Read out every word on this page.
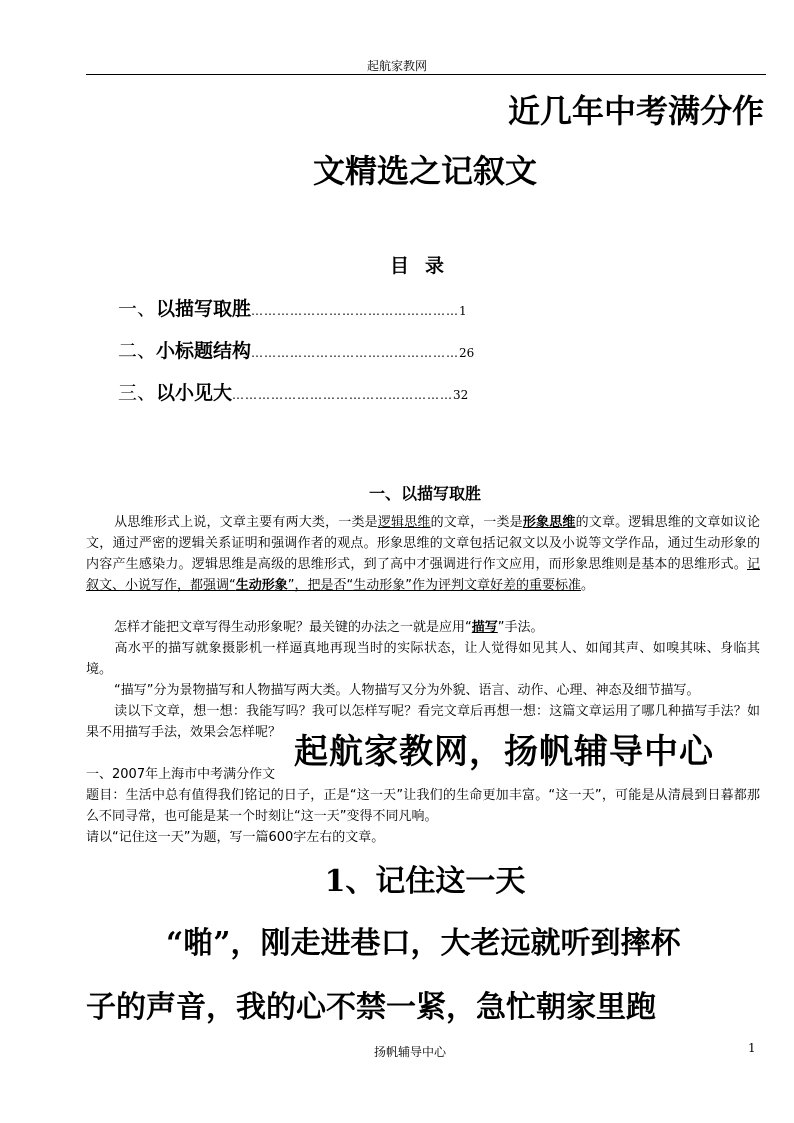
起航家教网
近几年中考满分作
文精选之记叙文
目录
一、以描写取胜…………………………………………1
二、小标题结构…………………………………………26
三、以小见大……………………………………………32
一、以描写取胜
从思维形式上说，文章主要有两大类，一类是逻辑思维的文章，一类是形象思维的文章。逻辑思维的文章如议论文，通过严密的逻辑关系证明和强调作者的观点。形象思维的文章包括记叙文以及小说等文学作品，通过生动形象的内容产生感染力。逻辑思维是高级的思维形式，到了高中才强调进行作文应用，而形象思维则是基本的思维形式。记叙文、小说写作，都强调“生动形象”，把是否“生动形象”作为评判文章好差的重要标准。
怎样才能把文章写得生动形象呢？最关键的办法之一就是应用“描写”手法。
高水平的描写就象摄影机一样逼真地再现当时的实际状态，让人觉得如见其人、如闻其声、如嗅其味、身临其境。
“描写”分为景物描写和人物描写两大类。人物描写又分为外貌、语言、动作、心理、神态及细节描写。
读以下文章，想一想：我能写吗？我可以怎样写呢？看完文章后再想一想：这篇文章运用了哪几种描写手法？如果不用描写手法，效果会怎样呢？
一、2007年上海市中考满分作文
起航家教网，扬帆辅导中心
题目：生活中总有值得我们铭记的日子，正是“这一天”让我们的生命更加丰富。“这一天”，可能是从清晨到日暮都那么不同寻常，也可能是某一个时刻让“这一天”变得不同凡响。
请以“记住这一天”为题，写一篇600字左右的文章。
1、记住这一天
“啪”，刚走进巷口，大老远就听到摔杯
子的声音，我的心不禁一紧，急忙朝家里跑
扬帆辅导中心	1
